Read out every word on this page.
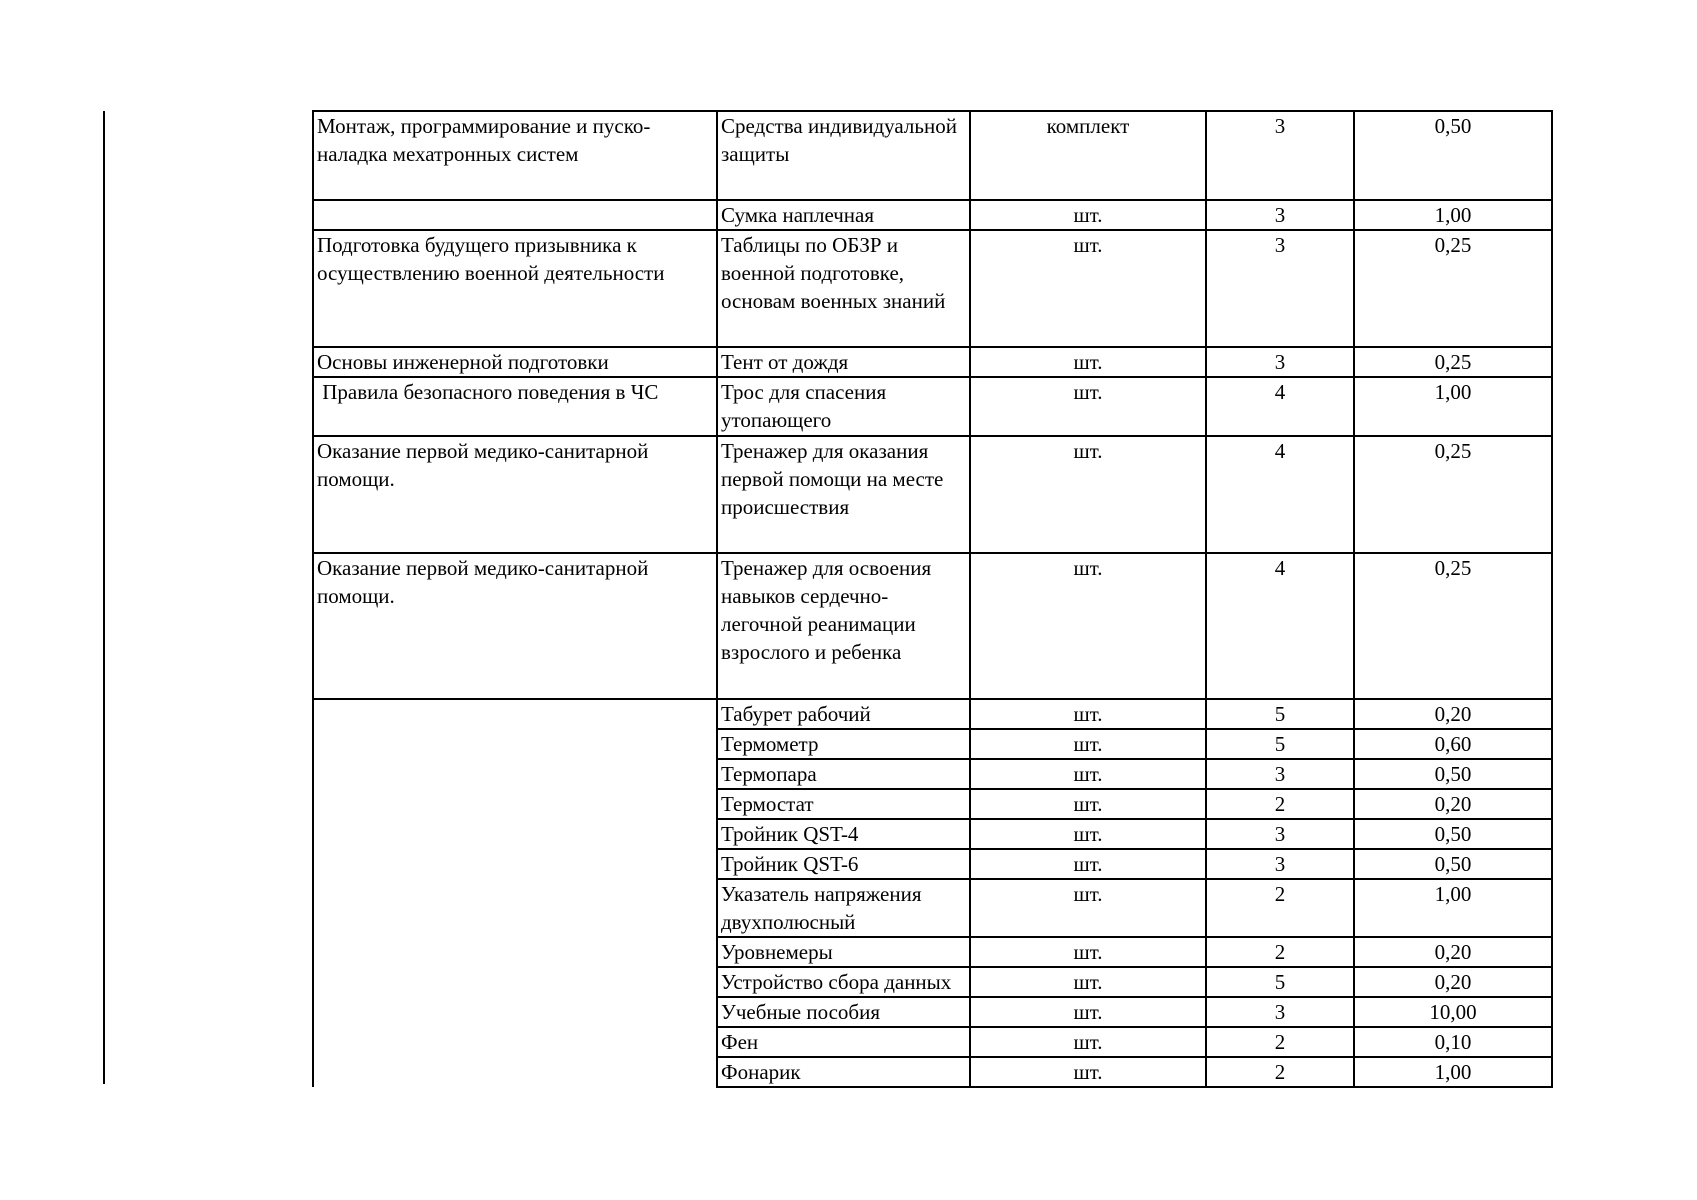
Монтаж, программирование и пуско-наладка мехатронных систем	Средства индивидуальной защиты	комплект	3	0,50
	Сумка наплечная	шт.	3	1,00
Подготовка будущего призывника к осуществлению военной деятельности	Таблицы по ОБЗР и военной подготовке, основам военных знаний	шт.	3	0,25
Основы инженерной подготовки	Тент от дождя	шт.	3	0,25
Правила безопасного поведения в ЧС	Трос для спасения утопающего	шт.	4	1,00
Оказание первой медико-санитарной помощи.	Тренажер для оказания первой помощи на месте происшествия	шт.	4	0,25
Оказание первой медико-санитарной помощи.	Тренажер для освоения навыков сердечно-легочной реанимации взрослого и ребенка	шт.	4	0,25
	Табурет рабочий	шт.	5	0,20
	Термометр	шт.	5	0,60
	Термопара	шт.	3	0,50
	Термостат	шт.	2	0,20
	Тройник QST-4	шт.	3	0,50
	Тройник QST-6	шт.	3	0,50
	Указатель напряжения двухполюсный	шт.	2	1,00
	Уровнемеры	шт.	2	0,20
	Устройство сбора данных	шт.	5	0,20
	Учебные пособия	шт.	3	10,00
	Фен	шт.	2	0,10
	Фонарик	шт.	2	1,00
